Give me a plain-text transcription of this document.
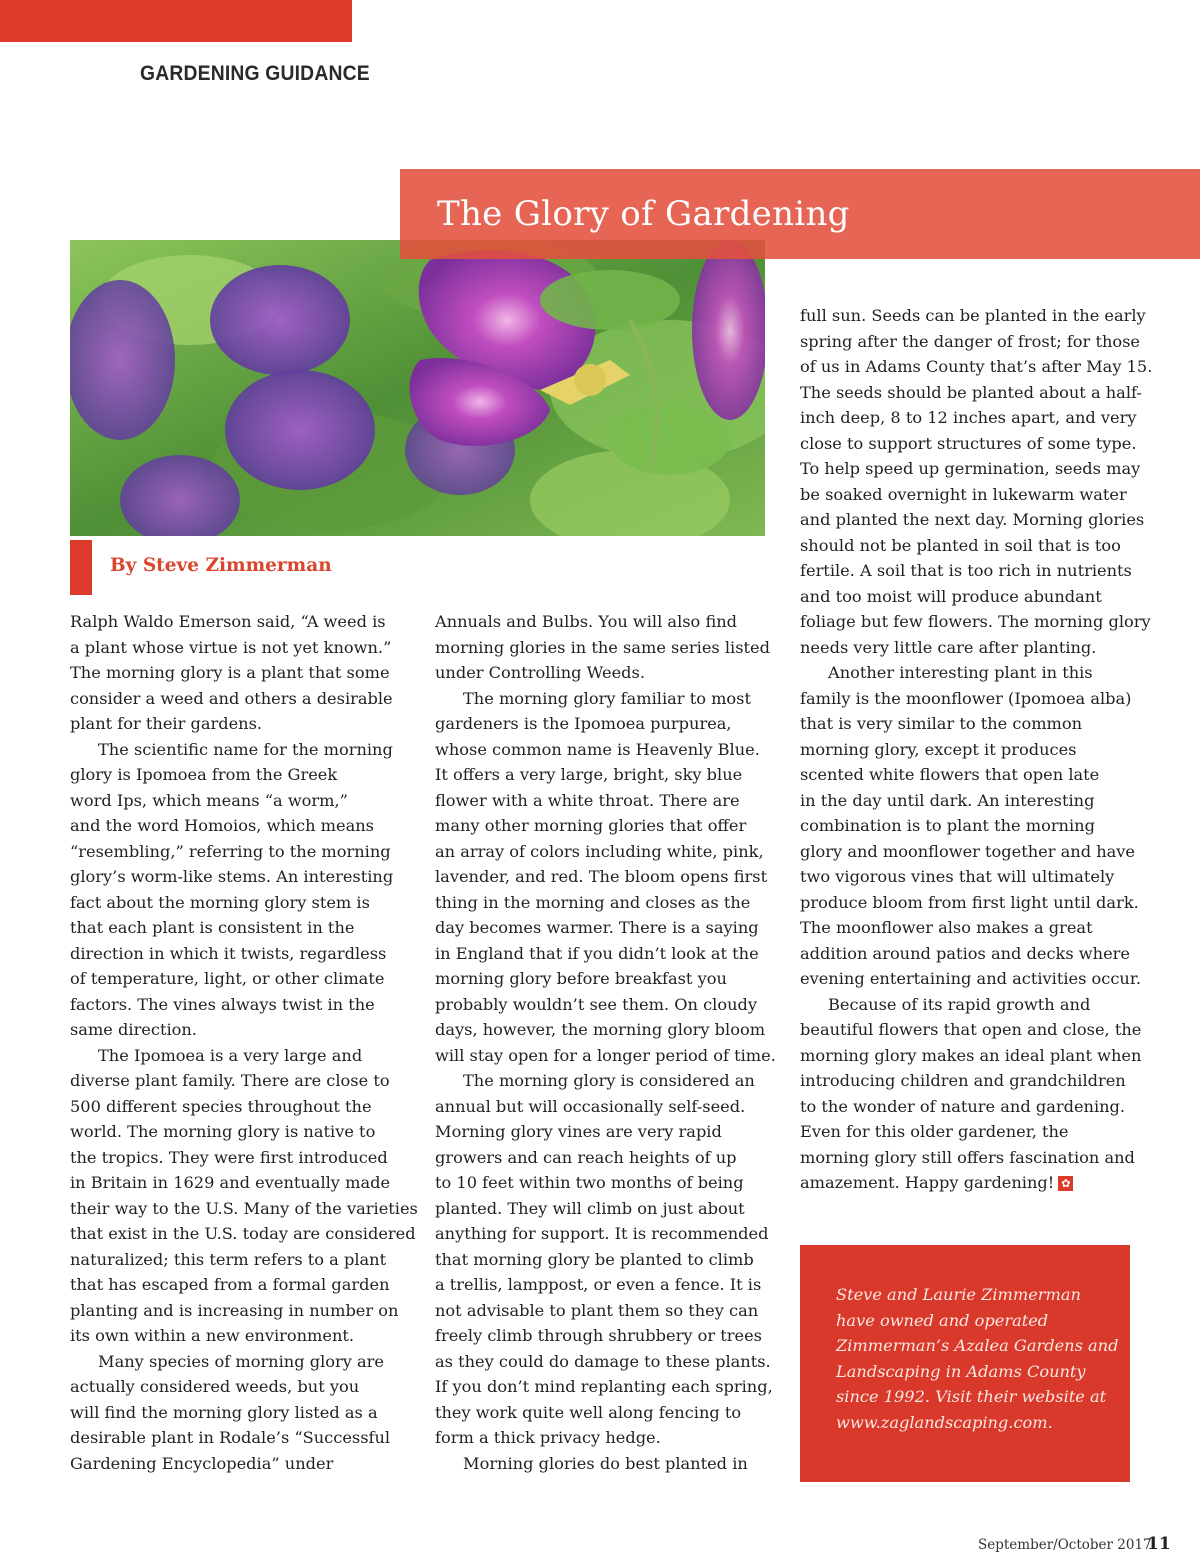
GARDENING GUIDANCE
The Glory of Gardening
By Steve Zimmerman

Ralph Waldo Emerson said, “A weed is

a plant whose virtue is not yet known.”

The morning glory is a plant that some

consider a weed and others a desirable

plant for their gardens.

The scientific name for the morning

glory is Ipomoea from the Greek

word Ips, which means “a worm,”

and the word Homoios, which means

“resembling,” referring to the morning

glory’s worm-like stems. An interesting

fact about the morning glory stem is

that each plant is consistent in the

direction in which it twists, regardless

of temperature, light, or other climate

factors. The vines always twist in the

same direction.

The Ipomoea is a very large and

diverse plant family. There are close to

500 different species throughout the

world. The morning glory is native to

the tropics. They were first introduced

in Britain in 1629 and eventually made

their way to the U.S. Many of the varieties

that exist in the U.S. today are considered

naturalized; this term refers to a plant

that has escaped from a formal garden

planting and is increasing in number on

its own within a new environment.

Many species of morning glory are

actually considered weeds, but you

will find the morning glory listed as a

desirable plant in Rodale’s “Successful

Gardening Encyclopedia” under

Annuals and Bulbs. You will also find

morning glories in the same series listed

under Controlling Weeds.

The morning glory familiar to most

gardeners is the Ipomoea purpurea,

whose common name is Heavenly Blue.

It offers a very large, bright, sky blue

flower with a white throat. There are

many other morning glories that offer

an array of colors including white, pink,

lavender, and red. The bloom opens first

thing in the morning and closes as the

day becomes warmer. There is a saying

in England that if you didn’t look at the

morning glory before breakfast you

probably wouldn’t see them. On cloudy

days, however, the morning glory bloom

will stay open for a longer period of time.

The morning glory is considered an

annual but will occasionally self-seed.

Morning glory vines are very rapid

growers and can reach heights of up

to 10 feet within two months of being

planted. They will climb on just about

anything for support. It is recommended

that morning glory be planted to climb

a trellis, lamppost, or even a fence. It is

not advisable to plant them so they can

freely climb through shrubbery or trees

as they could do damage to these plants.

If you don’t mind replanting each spring,

they work quite well along fencing to

form a thick privacy hedge.

Morning glories do best planted in

full sun. Seeds can be planted in the early

spring after the danger of frost; for those

of us in Adams County that’s after May 15.

The seeds should be planted about a half-

inch deep, 8 to 12 inches apart, and very

close to support structures of some type.

To help speed up germination, seeds may

be soaked overnight in lukewarm water

and planted the next day. Morning glories

should not be planted in soil that is too

fertile. A soil that is too rich in nutrients

and too moist will produce abundant

foliage but few flowers. The morning glory

needs very little care after planting.

Another interesting plant in this

family is the moonflower (Ipomoea alba)

that is very similar to the common

morning glory, except it produces

scented white flowers that open late

in the day until dark. An interesting

combination is to plant the morning

glory and moonflower together and have

two vigorous vines that will ultimately

produce bloom from first light until dark.

The moonflower also makes a great

addition around patios and decks where

evening entertaining and activities occur.

Because of its rapid growth and

beautiful flowers that open and close, the

morning glory makes an ideal plant when

introducing children and grandchildren

to the wonder of nature and gardening.

Even for this older gardener, the

morning glory still offers fascination and

amazement. Happy gardening! ✿

Steve and Laurie Zimmerman

have owned and operated

Zimmerman’s Azalea Gardens and

Landscaping in Adams County

since 1992. Visit their website at

www.zaglandscaping.com.

September/October 2017
11
